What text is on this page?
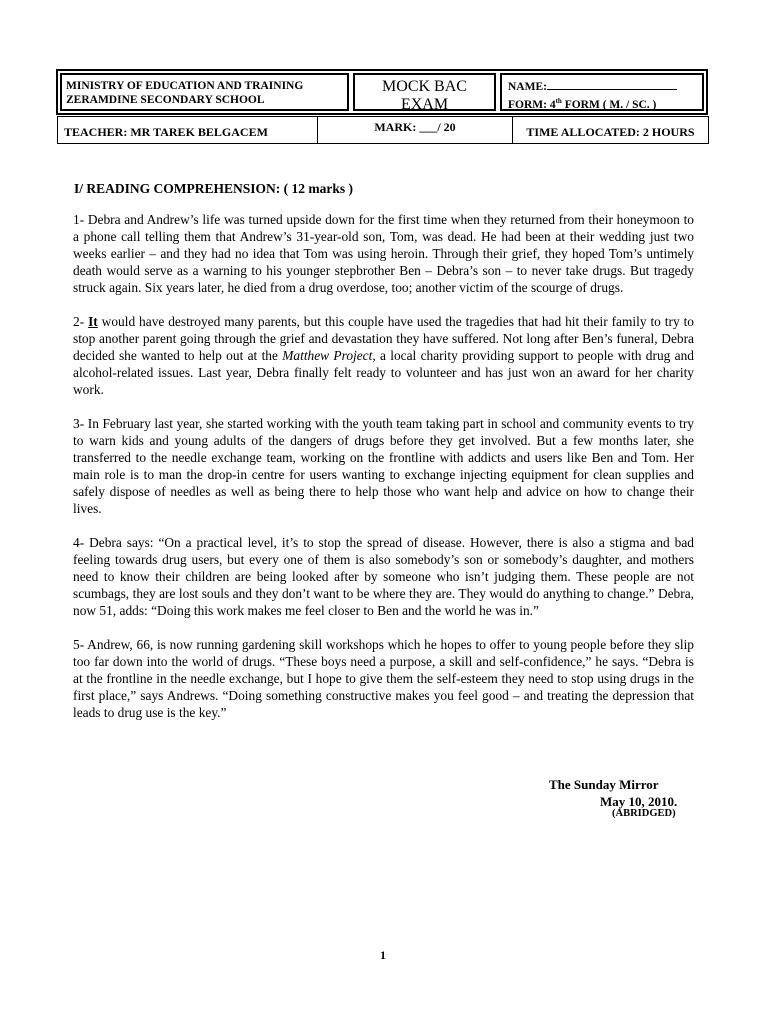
MINISTRY OF EDUCATION AND TRAINING
ZERAMDINE SECONDARY SCHOOL
MOCK BAC
EXAM
NAME:
FORM: 4th FORM ( M. / SC. )
TEACHER: MR TAREK BELGACEM	MARK: ___/ 20	TIME ALLOCATED: 2 HOURS
I/ READING COMPREHENSION: ( 12 marks )

1- Debra and Andrew’s life was turned upside down for the first time when they returned from their honeymoon to a phone call telling them that Andrew’s 31-year-old son, Tom, was dead. He had been at their wedding just two weeks earlier – and they had no idea that Tom was using heroin. Through their grief, they hoped Tom’s untimely death would serve as a warning to his younger stepbrother Ben – Debra’s son – to never take drugs. But tragedy struck again. Six years later, he died from a drug overdose, too; another victim of the scourge of drugs.

2- It would have destroyed many parents, but this couple have used the tragedies that had hit their family to try to stop another parent going through the grief and devastation they have suffered. Not long after Ben’s funeral, Debra decided she wanted to help out at the Matthew Project, a local charity providing support to people with drug and alcohol-related issues. Last year, Debra finally felt ready to volunteer and has just won an award for her charity work.

3- In February last year, she started working with the youth team taking part in school and community events to try to warn kids and young adults of the dangers of drugs before they get involved. But a few months later, she transferred to the needle exchange team, working on the frontline with addicts and users like Ben and Tom. Her main role is to man the drop-in centre for users wanting to exchange injecting equipment for clean supplies and safely dispose of needles as well as being there to help those who want help and advice on how to change their lives.

4- Debra says: “On a practical level, it’s to stop the spread of disease. However, there is also a stigma and bad feeling towards drug users, but every one of them is also somebody’s son or somebody’s daughter, and mothers need to know their children are being looked after by someone who isn’t judging them. These people are not scumbags, they are lost souls and they don’t want to be where they are. They would do anything to change.” Debra, now 51, adds: “Doing this work makes me feel closer to Ben and the world he was in.”

5- Andrew, 66, is now running gardening skill workshops which he hopes to offer to young people before they slip too far down into the world of drugs. “These boys need a purpose, a skill and self-confidence,” he says. “Debra is at the frontline in the needle exchange, but I hope to give them the self-esteem they need to stop using drugs in the first place,” says Andrews. “Doing something constructive makes you feel good – and treating the depression that leads to drug use is the key.”

The Sunday Mirror
May 10, 2010.
(ABRIDGED)
1
